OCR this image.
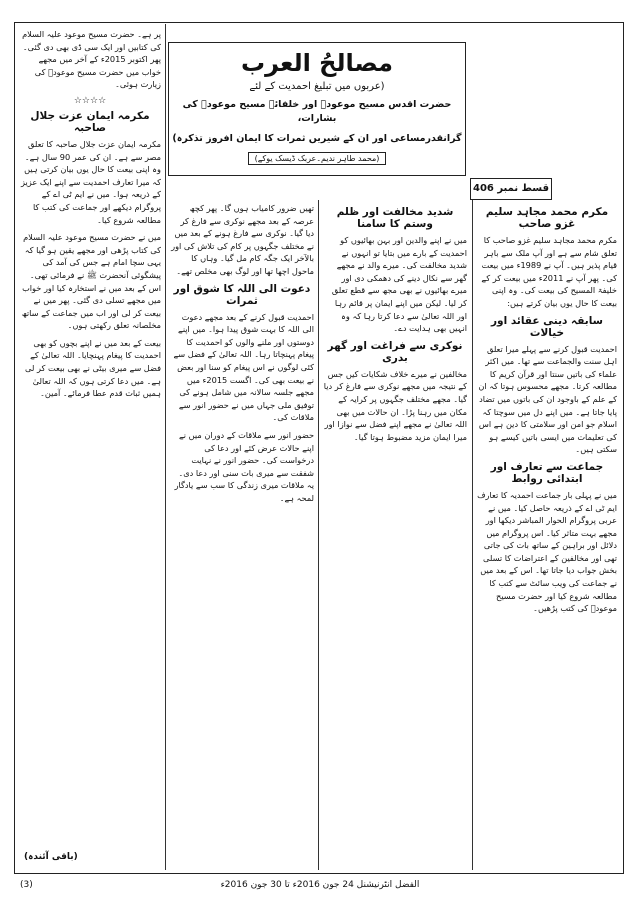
مصالحُ العرب
(عربوں میں تبلیغ احمدیت کے لئے
حضرت اقدس مسیح موعودؑ اور خلفائے مسیح موعودؓ کی بشارات،
گرانقدرمساعی اور ان کے شیریں ثمرات کا ایمان افروز تذکرہ)
(محمد طاہر ندیم۔عربک ڈیسک یوکے)
قسط نمبر 406
مکرم محمد مجاہد سلیم غزو صاحب

مکرم محمد مجاہد سلیم غزو صاحب کا تعلق شام سے ہے اور آپ ملک سے باہر قیام پذیر ہیں۔ آپ نے 1989ء میں بیعت کی۔ پھر آپ نے 2011ء میں بیعت کر کے خلیفۃ المسیح کی بیعت کی۔ وہ اپنی بیعت کا حال یوں بیان کرتے ہیں:

سابقہ دینی عقائد اور خیالات

احمدیت قبول کرنے سے پہلے میرا تعلق اہل سنت والجماعت سے تھا۔ میں اکثر علماء کی باتیں سنتا اور قرآن کریم کا مطالعہ کرتا۔ مجھے محسوس ہوتا کہ ان کے علم کے باوجود ان کی باتوں میں تضاد پایا جاتا ہے۔ میں اپنے دل میں سوچتا کہ اسلام جو امن اور سلامتی کا دین ہے اس کی تعلیمات میں ایسی باتیں کیسے ہو سکتی ہیں۔

جماعت سے تعارف اور ابتدائی روابط

میں نے پہلی بار جماعت احمدیہ کا تعارف ایم ٹی اے کے ذریعہ حاصل کیا۔ میں نے عربی پروگرام الحوار المباشر دیکھا اور مجھے بہت متاثر کیا۔ اس پروگرام میں دلائل اور براہین کے ساتھ بات کی جاتی تھی اور مخالفین کے اعتراضات کا تسلی بخش جواب دیا جاتا تھا۔ اس کے بعد میں نے جماعت کی ویب سائٹ سے کتب کا مطالعہ شروع کیا اور حضرت مسیح موعودؑ کی کتب پڑھیں۔

شدید مخالفت اور ظلم وستم کا سامنا

میں نے اپنے والدین اور بہن بھائیوں کو احمدیت کے بارے میں بتایا تو انہوں نے شدید مخالفت کی۔ میرے والد نے مجھے گھر سے نکال دینے کی دھمکی دی اور میرے بھائیوں نے بھی مجھ سے قطع تعلق کر لیا۔ لیکن میں اپنے ایمان پر قائم رہا اور اللہ تعالیٰ سے دعا کرتا رہا کہ وہ انہیں بھی ہدایت دے۔

نوکری سے فراغت اور گھر بدری

مخالفین نے میرے خلاف شکایات کیں جس کے نتیجہ میں مجھے نوکری سے فارغ کر دیا گیا۔ مجھے مختلف جگہوں پر کرایہ کے مکان میں رہنا پڑا۔ ان حالات میں بھی اللہ تعالیٰ نے مجھے اپنے فضل سے نوازا اور میرا ایمان مزید مضبوط ہوتا گیا۔

تھیں ضرور کامیاب ہوں گا۔ پھر کچھ عرصہ کے بعد مجھے نوکری سے فارغ کر دیا گیا۔ نوکری سے فارغ ہونے کے بعد میں نے مختلف جگہوں پر کام کی تلاش کی اور بالآخر ایک جگہ کام مل گیا۔ وہاں کا ماحول اچھا تھا اور لوگ بھی مخلص تھے۔

دعوت الی اللہ کا شوق اور ثمرات

احمدیت قبول کرنے کے بعد مجھے دعوت الی اللہ کا بہت شوق پیدا ہوا۔ میں اپنے دوستوں اور ملنے والوں کو احمدیت کا پیغام پہنچاتا رہا۔ اللہ تعالیٰ کے فضل سے کئی لوگوں نے اس پیغام کو سنا اور بعض نے بیعت بھی کی۔ اگست 2015ء میں مجھے جلسہ سالانہ میں شامل ہونے کی توفیق ملی جہاں میں نے حضور انور سے ملاقات کی۔

حضور انور سے ملاقات کے دوران میں نے اپنے حالات عرض کئے اور دعا کی درخواست کی۔ حضور انور نے نہایت شفقت سے میری بات سنی اور دعا دی۔ یہ ملاقات میری زندگی کا سب سے یادگار لمحہ ہے۔

پر ہے۔ حضرت مسیح موعود علیہ السلام کی کتابیں اور ایک سی ڈی بھی دی گئی۔ پھر اکتوبر 2015ء کے آخر میں مجھے خواب میں حضرت مسیح موعودؑ کی زیارت ہوئی۔

☆☆☆☆
مکرمہ ایمان عزت جلال صاحبہ

مکرمہ ایمان عزت جلال صاحبہ کا تعلق مصر سے ہے۔ ان کی عمر 90 سال ہے۔ وہ اپنی بیعت کا حال یوں بیان کرتی ہیں کہ میرا تعارف احمدیت سے اپنے ایک عزیز کے ذریعہ ہوا۔ میں نے ایم ٹی اے کے پروگرام دیکھے اور جماعت کی کتب کا مطالعہ شروع کیا۔

میں نے حضرت مسیح موعود علیہ السلام کی کتاب پڑھی اور مجھے یقین ہو گیا کہ یہی سچا امام ہے جس کی آمد کی پیشگوئی آنحضرت ﷺ نے فرمائی تھی۔ اس کے بعد میں نے استخارہ کیا اور خواب میں مجھے تسلی دی گئی۔ پھر میں نے بیعت کر لی اور اب میں جماعت کے ساتھ مخلصانہ تعلق رکھتی ہوں۔

بیعت کے بعد میں نے اپنے بچوں کو بھی احمدیت کا پیغام پہنچایا۔ اللہ تعالیٰ کے فضل سے میری بیٹی نے بھی بیعت کر لی ہے۔ میں دعا کرتی ہوں کہ اللہ تعالیٰ ہمیں ثبات قدم عطا فرمائے۔ آمین۔

(باقی آئندہ)
(3)	الفضل انٹرنیشنل 24 جون 2016ء تا 30 جون 2016ء
